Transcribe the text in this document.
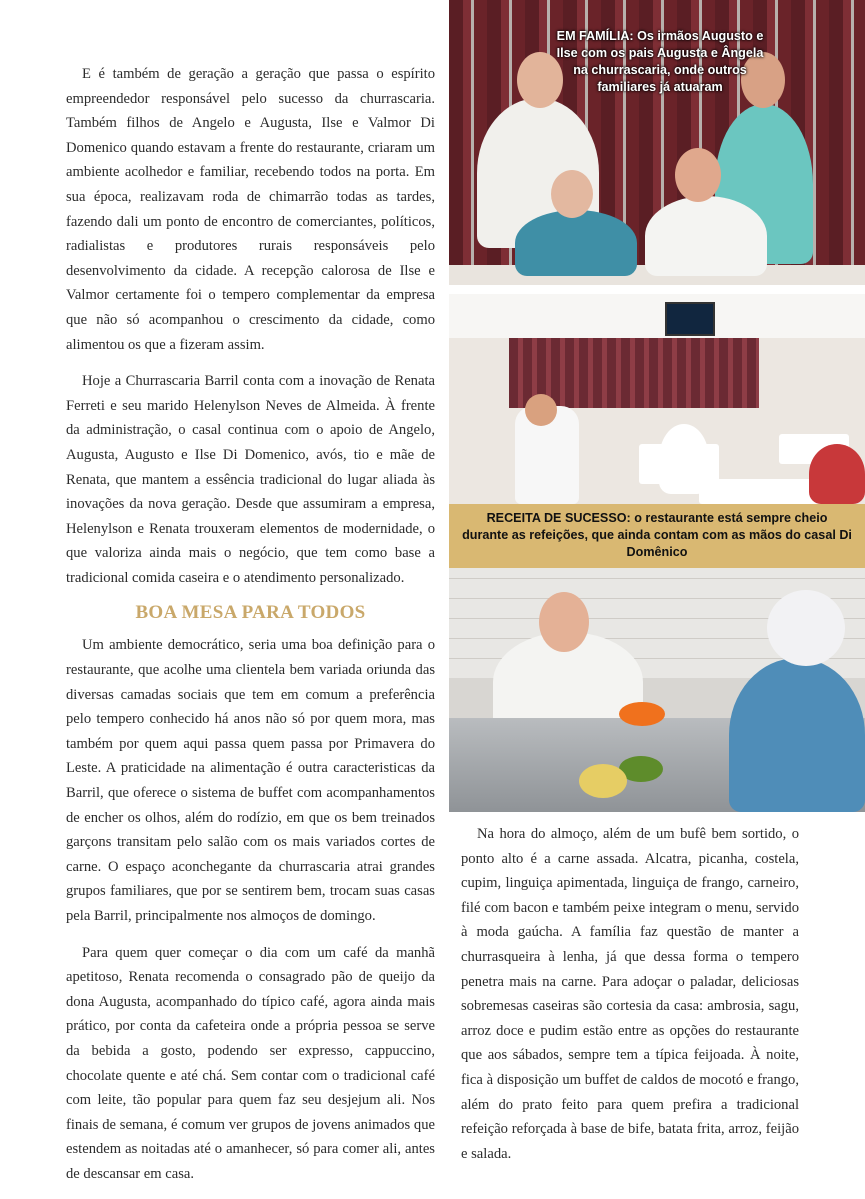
E é também de geração a geração que passa o espírito empreendedor responsável pelo sucesso da churrascaria. Também filhos de Angelo e Augusta, Ilse e Valmor Di Domenico quando estavam a frente do restaurante, criaram um ambiente acolhedor e familiar, recebendo todos na porta. Em sua época, realizavam roda de chimarrão todas as tardes, fazendo dali um ponto de encontro de comerciantes, políticos, radialistas e produtores rurais responsáveis pelo desenvolvimento da cidade. A recepção calorosa de Ilse e Valmor certamente foi o tempero complementar da empresa que não só acompanhou o crescimento da cidade, como alimentou os que a fizeram assim.

Hoje a Churrascaria Barril conta com a inovação de Renata Ferreti e seu marido Helenylson Neves de Almeida. À frente da administração, o casal continua com o apoio de Angelo, Augusta, Augusto e Ilse Di Domenico, avós, tio e mãe de Renata, que mantem a essência tradicional do lugar aliada às inovações da nova geração. Desde que assumiram a empresa, Helenylson e Renata trouxeram elementos de modernidade, o que valoriza ainda mais o negócio, que tem como base a tradicional comida caseira e o atendimento personalizado.

BOA MESA PARA TODOS

Um ambiente democrático, seria uma boa definição para o restaurante, que acolhe uma clientela bem variada oriunda das diversas camadas sociais que tem em comum a preferência pelo tempero conhecido há anos não só por quem mora, mas também por quem aqui passa quem passa por Primavera do Leste. A praticidade na alimentação é outra caracteristicas da Barril, que oferece o sistema de buffet com acompanhamentos de encher os olhos, além do rodízio, em que os bem treinados garçons transitam pelo salão com os mais variados cortes de carne. O espaço aconchegante da churrascaria atrai grandes grupos familiares, que por se sentirem bem, trocam suas casas pela Barril, principalmente nos almoços de domingo.

Para quem quer começar o dia com um café da manhã apetitoso, Renata recomenda o consagrado pão de queijo da dona Augusta, acompanhado do típico café, agora ainda mais prático, por conta da cafeteira onde a própria pessoa se serve da bebida a gosto, podendo ser expresso, cappuccino, chocolate quente e até chá. Sem contar com o tradicional café com leite, tão popular para quem faz seu desjejum ali. Nos finais de semana, é comum ver grupos de jovens animados que estendem as noitadas até o amanhecer, só para comer ali, antes de descansar em casa.

EM FAMÍLIA: Os irmãos Augusto e Ilse com os pais Augusta e Ângela na churrascaria, onde outros familiares já atuaram
RECEITA DE SUCESSO: o restaurante está sempre cheio durante as refeições, que ainda contam com as mãos do casal Di Domênico

Na hora do almoço, além de um bufê bem sortido, o ponto alto é a carne assada. Alcatra, picanha, costela, cupim, linguiça apimentada, linguiça de frango, carneiro, filé com bacon e também peixe integram o menu, servido à moda gaúcha. A família faz questão de manter a churrasqueira à lenha, já que dessa forma o tempero penetra mais na carne. Para adoçar o paladar, deliciosas sobremesas caseiras são cortesia da casa: ambrosia, sagu, arroz doce e pudim estão entre as opções do restaurante que aos sábados, sempre tem a típica feijoada. À noite, fica à disposição um buffet de caldos de mocotó e frango, além do prato feito para quem prefira a tradicional refeição reforçada à base de bife, batata frita, arroz, feijão e salada.
